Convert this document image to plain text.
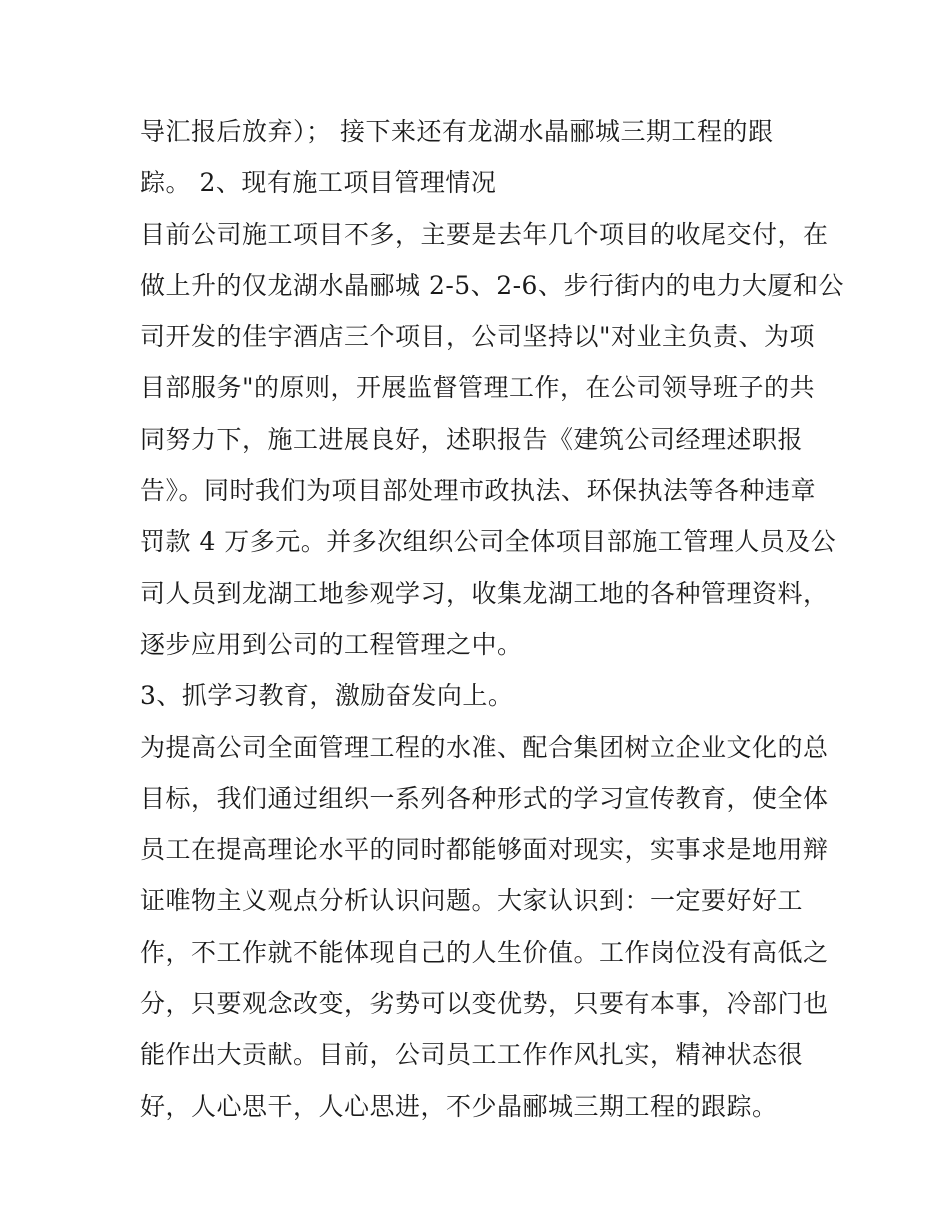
导汇报后放弃）； 接下来还有龙湖水晶郦城三期工程的跟
踪。 2、现有施工项目管理情况
目前公司施工项目不多，主要是去年几个项目的收尾交付，在
做上升的仅龙湖水晶郦城 2-5、2-6、步行街内的电力大厦和公
司开发的佳宇酒店三个项目，公司坚持以"对业主负责、为项
目部服务"的原则，开展监督管理工作，在公司领导班子的共
同努力下，施工进展良好，述职报告《建筑公司经理述职报
告》。同时我们为项目部处理市政执法、环保执法等各种违章
罚款 4 万多元。并多次组织公司全体项目部施工管理人员及公
司人员到龙湖工地参观学习，收集龙湖工地的各种管理资料，
逐步应用到公司的工程管理之中。
3、抓学习教育，激励奋发向上。
为提高公司全面管理工程的水准、配合集团树立企业文化的总
目标，我们通过组织一系列各种形式的学习宣传教育，使全体
员工在提高理论水平的同时都能够面对现实，实事求是地用辩
证唯物主义观点分析认识问题。大家认识到：一定要好好工
作，不工作就不能体现自己的人生价值。工作岗位没有高低之
分，只要观念改变，劣势可以变优势，只要有本事，冷部门也
能作出大贡献。目前，公司员工工作作风扎实，精神状态很
好，人心思干，人心思进，不少晶郦城三期工程的跟踪。
